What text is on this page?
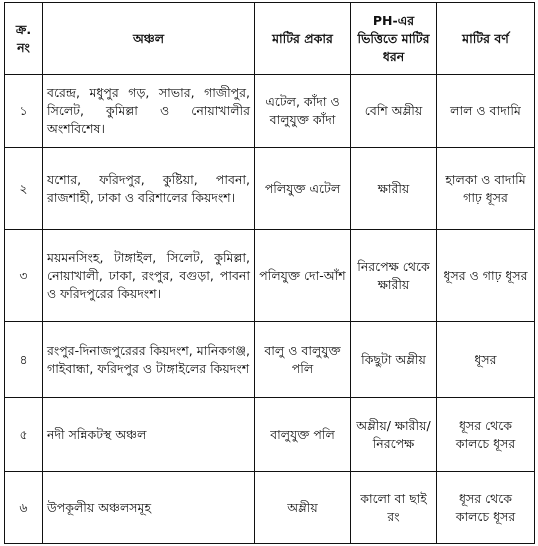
ক্র. নং	অঞ্চল	মাটির প্রকার	PH-এর ভিত্তিতে মাটির ধরন	মাটির বর্ণ
১	বরেন্দ্র, মধুপুর গড়, সাভার, গাজীপুর, সিলেট, কুমিল্লা ও নোয়াখালীর অংশবিশেষ।	এটেল, কাঁদা ও বালুযুক্ত কাঁদা	বেশি অম্লীয়	লাল ও বাদামি
২	যশোর, ফরিদপুর, কুষ্টিয়া, পাবনা, রাজশাহী, ঢাকা ও বরিশালের কিয়দংশ।	পলিযুক্ত এটেল	ক্ষারীয়	হালকা ও বাদামি গাঢ় ধূসর
৩	ময়মনসিংহ, টাঙ্গাইল, সিলেট, কুমিল্লা, নোয়াখালী, ঢাকা, রংপুর, বগুড়া, পাবনা ও ফরিদপুরের কিয়দংশ।	পলিযুক্ত দো-আঁশ	নিরপেক্ষ থেকে ক্ষারীয়	ধূসর ও গাঢ় ধূসর
৪	রংপুর-দিনাজপুরেরর কিয়দংশ, মানিকগঞ্জ, গাইবান্ধা, ফরিদপুর ও টাঙ্গাইলের কিয়দংশ	বালু ও বালুযুক্ত পলি	কিছুটা অম্লীয়	ধূসর
৫	নদী সন্নিকটস্থ অঞ্চল	বালুযুক্ত পলি	অম্লীয়/ ক্ষারীয়/ নিরপেক্ষ	ধূসর থেকে কালচে ধূসর
৬	উপকূলীয় অঞ্চলসমূহ	অম্লীয়	কালো বা ছাই রং	ধূসর থেকে কালচে ধূসর
